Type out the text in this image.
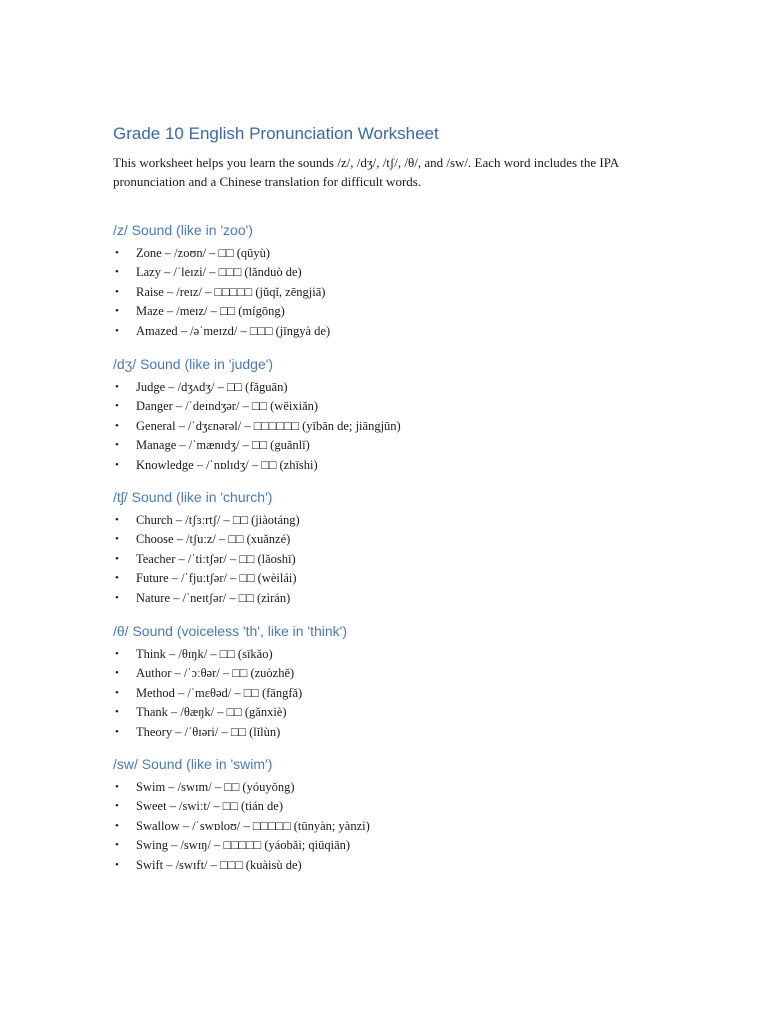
Grade 10 English Pronunciation Worksheet

This worksheet helps you learn the sounds /z/, /dʒ/, /tʃ/, /θ/, and /sw/. Each word includes the IPA pronunciation and a Chinese translation for difficult words.

/z/ Sound (like in 'zoo')
• Zone – /zoʊn/ – □□ (qūyù)
• Lazy – /ˈleɪzi/ – □□□ (lǎnduò de)
• Raise – /reɪz/ – □□□□□ (jǔqǐ, zēngjiā)
• Maze – /meɪz/ – □□ (mígōng)
• Amazed – /əˈmeɪzd/ – □□□ (jīngyà de)
/dʒ/ Sound (like in 'judge')
• Judge – /dʒʌdʒ/ – □□ (fǎguān)
• Danger – /ˈdeɪndʒər/ – □□ (wēixiǎn)
• General – /ˈdʒɛnərəl/ – □□□□□□ (yībān de; jiāngjūn)
• Manage – /ˈmænɪdʒ/ – □□ (guǎnlǐ)
• Knowledge – /ˈnɒlɪdʒ/ – □□ (zhīshi)
/tʃ/ Sound (like in 'church')
• Church – /tʃɜːrtʃ/ – □□ (jiàotáng)
• Choose – /tʃuːz/ – □□ (xuǎnzé)
• Teacher – /ˈtiːtʃər/ – □□ (lǎoshī)
• Future – /ˈfjuːtʃər/ – □□ (wèilái)
• Nature – /ˈneɪtʃər/ – □□ (zìrán)
/θ/ Sound (voiceless 'th', like in 'think')
• Think – /θɪŋk/ – □□ (sīkǎo)
• Author – /ˈɔːθər/ – □□ (zuòzhě)
• Method – /ˈmɛθəd/ – □□ (fāngfǎ)
• Thank – /θæŋk/ – □□ (gǎnxiè)
• Theory – /ˈθɪəri/ – □□ (lǐlùn)
/sw/ Sound (like in 'swim')
• Swim – /swɪm/ – □□ (yóuyǒng)
• Sweet – /swiːt/ – □□ (tián de)
• Swallow – /ˈswɒloʊ/ – □□□□□ (tūnyàn; yànzi)
• Swing – /swɪŋ/ – □□□□□ (yáobǎi; qiūqiān)
• Swift – /swɪft/ – □□□ (kuàisù de)
